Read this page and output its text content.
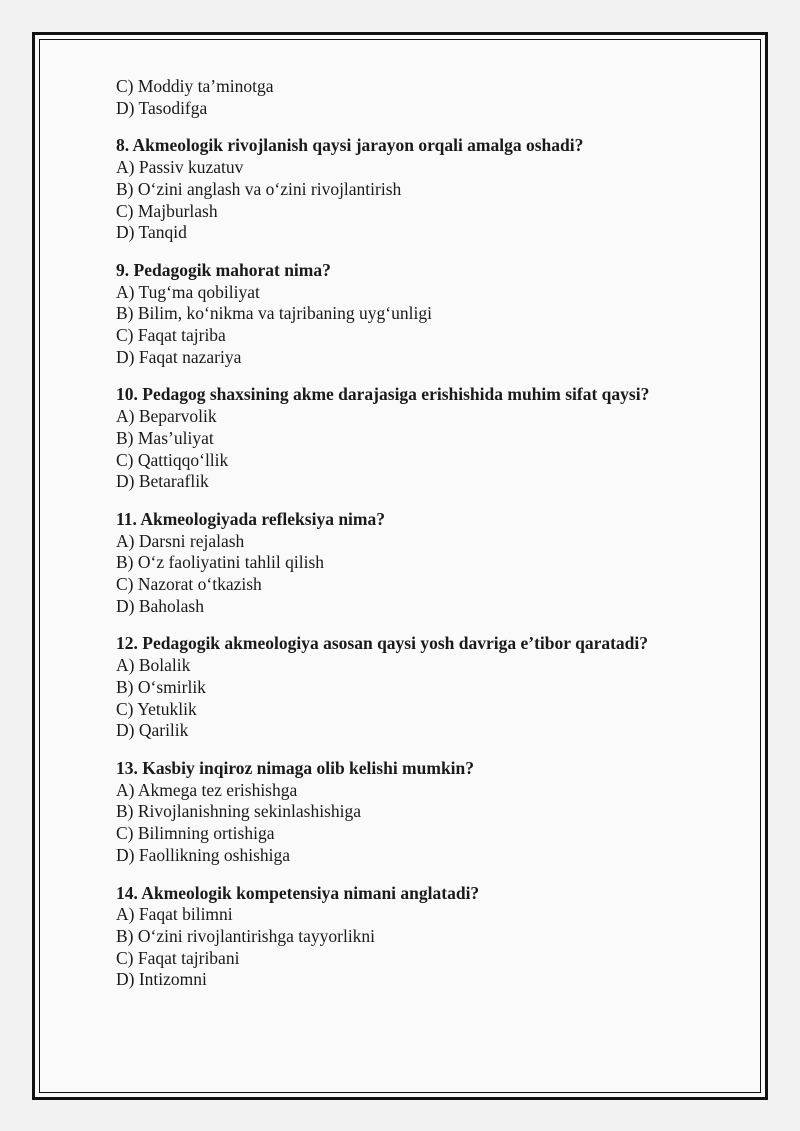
C) Moddiy ta’minotga
D) Tasodifga
8. Akmeologik rivojlanish qaysi jarayon orqali amalga oshadi?
A) Passiv kuzatuv
B) O‘zini anglash va o‘zini rivojlantirish
C) Majburlash
D) Tanqid
9. Pedagogik mahorat nima?
A) Tug‘ma qobiliyat
B) Bilim, ko‘nikma va tajribaning uyg‘unligi
C) Faqat tajriba
D) Faqat nazariya
10. Pedagog shaxsining akme darajasiga erishishida muhim sifat qaysi?
A) Beparvolik
B) Mas’uliyat
C) Qattiqqo‘llik
D) Betaraflik
11. Akmeologiyada refleksiya nima?
A) Darsni rejalash
B) O‘z faoliyatini tahlil qilish
C) Nazorat o‘tkazish
D) Baholash
12. Pedagogik akmeologiya asosan qaysi yosh davriga e’tibor qaratadi?
A) Bolalik
B) O‘smirlik
C) Yetuklik
D) Qarilik
13. Kasbiy inqiroz nimaga olib kelishi mumkin?
A) Akmega tez erishishga
B) Rivojlanishning sekinlashishiga
C) Bilimning ortishiga
D) Faollikning oshishiga
14. Akmeologik kompetensiya nimani anglatadi?
A) Faqat bilimni
B) O‘zini rivojlantirishga tayyorlikni
C) Faqat tajribani
D) Intizomni
